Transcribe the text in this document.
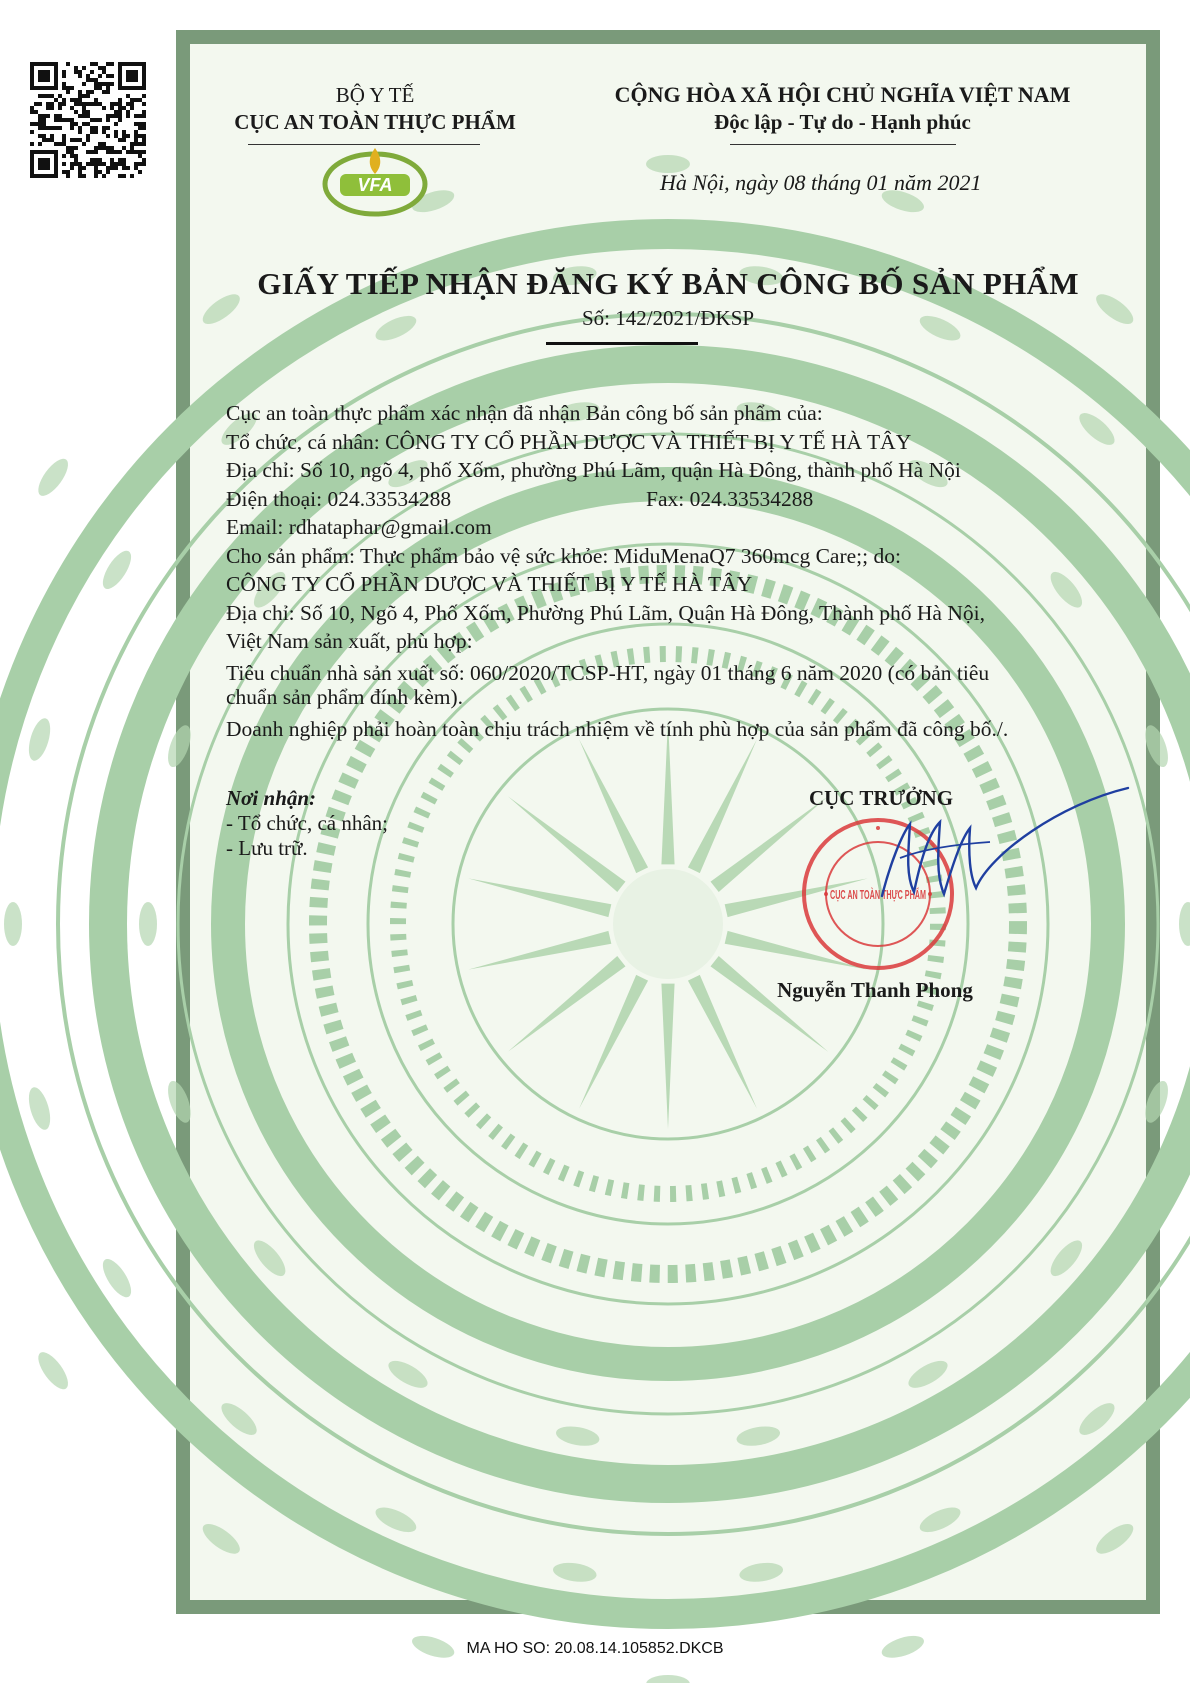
BỘ Y TẾ
CỤC AN TOÀN THỰC PHẨM
VFA
CỘNG HÒA XÃ HỘI CHỦ NGHĨA VIỆT NAM
Độc lập - Tự do - Hạnh phúc
Hà Nội, ngày 08 tháng 01 năm 2021
GIẤY TIẾP NHẬN ĐĂNG KÝ BẢN CÔNG BỐ SẢN PHẨM
Số: 142/2021/ĐKSP

Cục an toàn thực phẩm xác nhận đã nhận Bản công bố sản phẩm của:

Tổ chức, cá nhân: CÔNG TY CỔ PHẦN DƯỢC VÀ THIẾT BỊ Y TẾ HÀ TÂY

Địa chỉ: Số 10, ngõ 4, phố Xốm, phường Phú Lãm, quận Hà Đông, thành phố Hà Nội

Điện thoại: 024.33534288	Fax: 024.33534288

Email: rdhataphar@gmail.com

Cho sản phẩm: Thực phẩm bảo vệ sức khỏe: MiduMenaQ7 360mcg Care;; do:

CÔNG TY CỔ PHẦN DƯỢC VÀ THIẾT BỊ Y TẾ HÀ TÂY

Địa chỉ: Số 10, Ngõ 4, Phố Xốm, Phường Phú Lãm, Quận Hà Đông, Thành phố Hà Nội,

Việt Nam sản xuất, phù hợp:

Tiêu chuẩn nhà sản xuất số: 060/2020/TCSP-HT, ngày 01 tháng 6 năm 2020 (có bản tiêu

chuẩn sản phẩm đính kèm).

Doanh nghiệp phải hoàn toàn chịu trách nhiệm về tính phù hợp của sản phẩm đã công bố./.

Nơi nhận:
- Tổ chức, cá nhân;
- Lưu trữ.
CỤC TRƯỞNG
CỤC AN TOÀN THỰC PHẨM
Nguyễn Thanh Phong
MA HO SO: 20.08.14.105852.DKCB
